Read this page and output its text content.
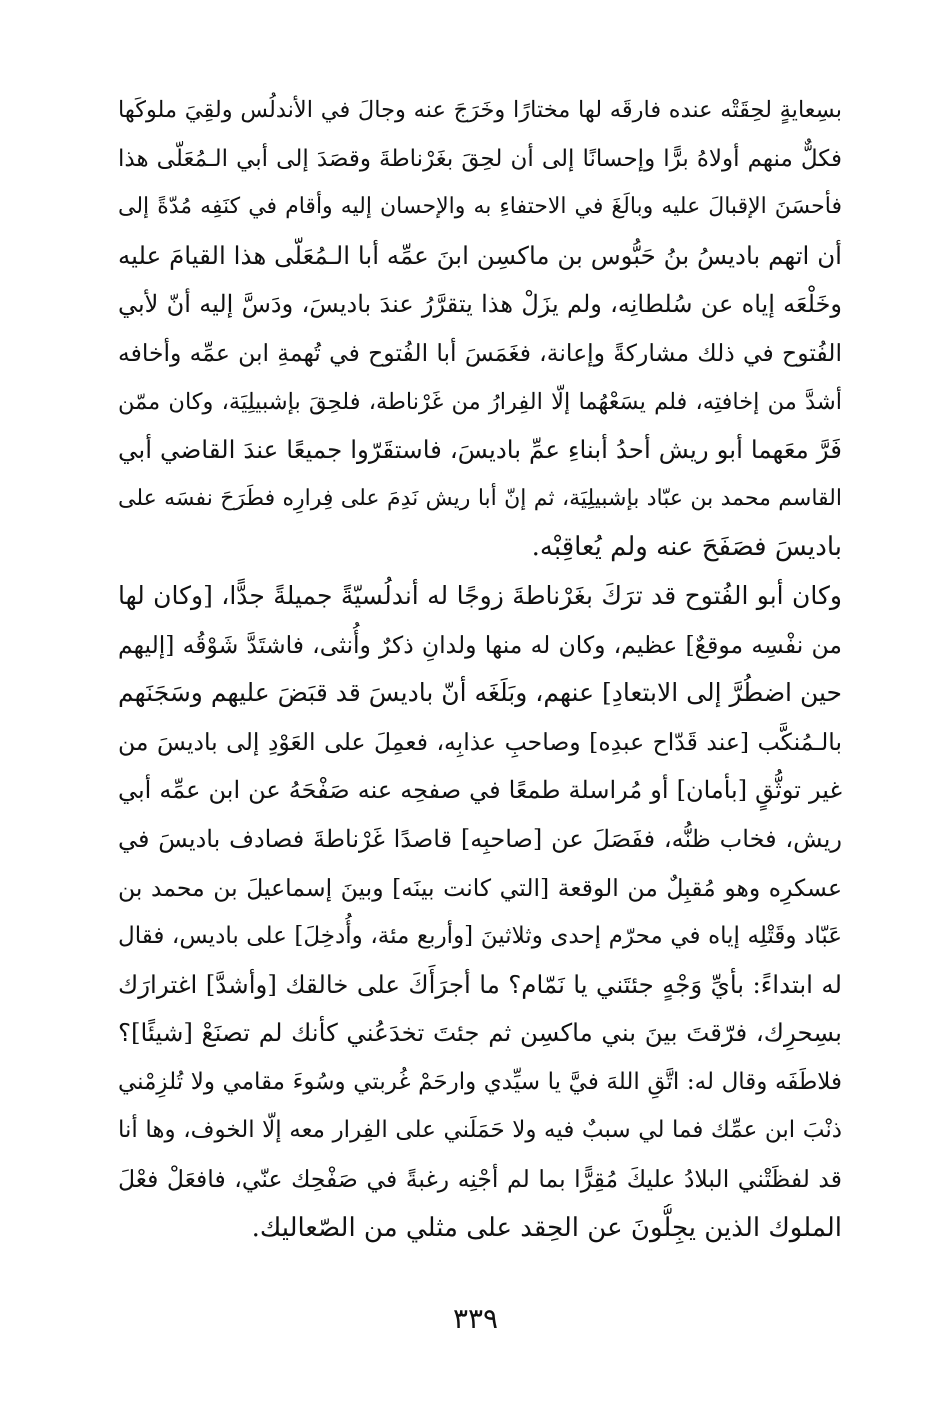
بسِعايةٍ لحِقَتْه عنده فارقَه لها مختارًا وخَرَجَ عنه وجالَ في الأندلُس ولقِيَ ملوكَها
فكلٌّ منهم أولاهُ برًّا وإحسانًا إلى أن لحِقَ بغَرْناطةَ وقصَدَ إلى أبي الـمُعَلّى هذا
فأحسَنَ الإقبالَ عليه وبالَغَ في الاحتفاءِ به والإحسان إليه وأقام في كنَفِه مُدّةً إلى
أن اتهم باديسُ بنُ حَبُّوس بن ماكسِن ابنَ عمِّه أبا الـمُعَلّى هذا القيامَ عليه
وخَلْعَه إياه عن سُلطانِه، ولم يزَلْ هذا يتقرَّرُ عندَ باديسَ، ودَسَّ إليه أنّ لأبي
الفُتوح في ذلك مشاركةً وإعانة، فغَمَسَ أبا الفُتوح في تُهمةِ ابن عمِّه وأخافه
أشدَّ من إخافتِه، فلم يسَعْهُما إلّا الفِرارُ من غَرْناطة، فلحِقَ بإشبيلِيَة، وكان ممّن
فَرَّ معَهما أبو ريش أحدُ أبناءِ عمِّ باديسَ، فاستقَرّوا جميعًا عندَ القاضي أبي
القاسم محمد بن عبّاد بإشبيلِيَة، ثم إنّ أبا ريش نَدِمَ على فِرارِه فطَرَحَ نفسَه على
باديسَ فصَفَحَ عنه ولم يُعاقِبْه.
وكان أبو الفُتوح قد ترَكَ بغَرْناطةَ زوجًا له أندلُسيّةً جميلةً جدًّا، [وكان لها
من نفْسِه موقعٌ] عظيم، وكان له منها ولدانِ ذكرٌ وأُنثى، فاشتَدَّ شَوْقُه [إليهم
حين اضطُرَّ إلى الابتعادِ] عنهم، وبَلَغَه أنّ باديسَ قد قبَضَ عليهم وسَجَنَهم
بالـمُنكَّب [عند قَدّاح عبدِه] وصاحبِ عذابِه، فعمِلَ على العَوْدِ إلى باديسَ من
غير توثُّقٍ [بأمان] أو مُراسلة طمعًا في صفحِه عنه صَفْحَهُ عن ابن عمِّه أبي
ريش، فخاب ظنُّه، ففَصَلَ عن [صاحبِه] قاصدًا غَرْناطةَ فصادف باديسَ في
عسكرِه وهو مُقبِلٌ من الوقعة [التي كانت بينَه] وبينَ إسماعيلَ بن محمد بن
عَبّاد وقَتْلِه إياه في محرّم إحدى وثلاثينَ [وأربع مئة، وأُدخِلَ] على باديس، فقال
له ابتداءً: بأيِّ وَجْهٍ جئتَني يا نَمّام؟ ما أجرَأَكَ على خالقك [وأشدَّ] اغترارَك
بسِحرِك، فرّقتَ بينَ بني ماكسِن ثم جئتَ تخدَعُني كأنك لم تصنَعْ [شيئًا]؟
فلاطَفَه وقال له: اتَّقِ اللهَ فيَّ يا سيِّدي وارحَمْ غُربتي وسُوءَ مقامي ولا تُلزِمْني
ذنْبَ ابن عمِّك فما لي سببٌ فيه ولا حَمَلَني على الفِرار معه إلّا الخوف، وها أنا
قد لفظَتْني البلادُ عليكَ مُقِرًّا بما لم أجْنِه رغبةً في صَفْحِك عنّي، فافعَلْ فعْلَ
الملوك الذين يجِلُّونَ عن الحِقد على مثلي من الصّعاليك.
٣٣٩
